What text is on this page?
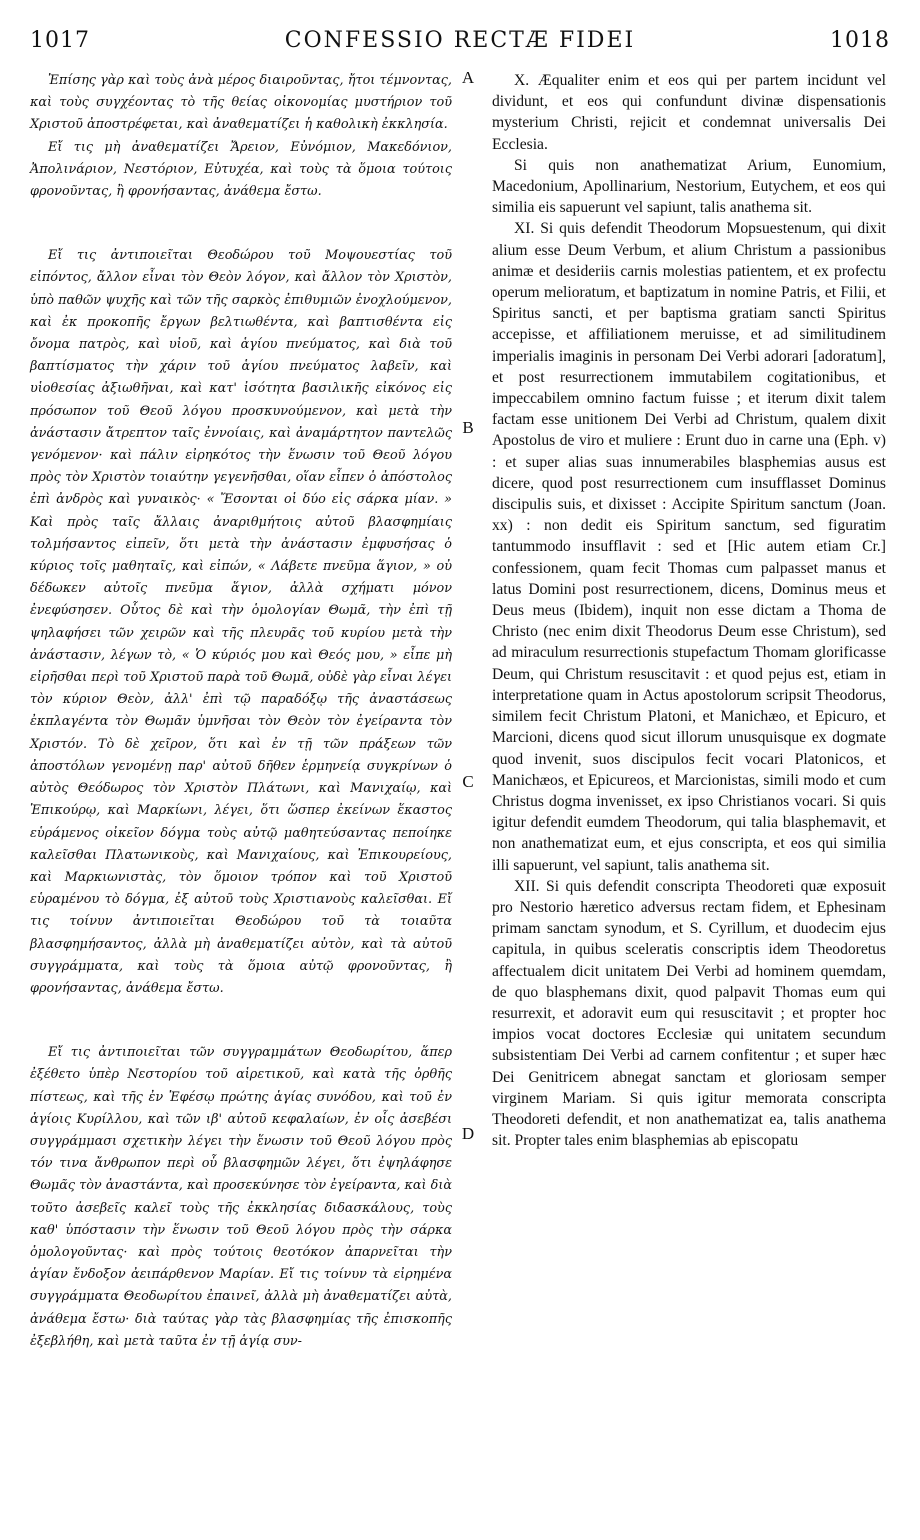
1017	CONFESSIO RECTÆ FIDEI	1018

Ἐπίσης γὰρ καὶ τοὺς ἀνὰ μέρος διαιροῦντας, ἤτοι τέμνοντας, καὶ τοὺς συγχέοντας τὸ τῆς θείας οἰκονομίας μυστήριον τοῦ Χριστοῦ ἀποστρέφεται, καὶ ἀναθεματίζει ἡ καθολικὴ ἐκκλησία.

Εἴ τις μὴ ἀναθεματίζει Ἄρειον, Εὐνόμιον, Μακεδόνιον, Ἀπολινάριον, Νεστόριον, Εὐτυχέα, καὶ τοὺς τὰ ὅμοια τούτοις φρονοῦντας, ἢ φρονήσαντας, ἀνάθεμα ἔστω.

Εἴ τις ἀντιποιεῖται Θεοδώρου τοῦ Μοψουεστίας τοῦ εἰπόντος, ἄλλον εἶναι τὸν Θεὸν λόγον, καὶ ἄλλον τὸν Χριστὸν, ὑπὸ παθῶν ψυχῆς καὶ τῶν τῆς σαρκὸς ἐπιθυμιῶν ἐνοχλούμενον, καὶ ἐκ προκοπῆς ἔργων βελτιωθέντα, καὶ βαπτισθέντα εἰς ὄνομα πατρὸς, καὶ υἱοῦ, καὶ ἁγίου πνεύματος, καὶ διὰ τοῦ βαπτίσματος τὴν χάριν τοῦ ἁγίου πνεύματος λαβεῖν, καὶ υἱοθεσίας ἀξιωθῆναι, καὶ κατ' ἰσότητα βασιλικῆς εἰκόνος εἰς πρόσωπον τοῦ Θεοῦ λόγου προσκυνούμενον, καὶ μετὰ τὴν ἀνάστασιν ἄτρεπτον ταῖς ἐννοίαις, καὶ ἀναμάρτητον παντελῶς γενόμενον· καὶ πάλιν εἰρηκότος τὴν ἕνωσιν τοῦ Θεοῦ λόγου πρὸς τὸν Χριστὸν τοιαύτην γεγενῆσθαι, οἵαν εἶπεν ὁ ἀπόστολος ἐπὶ ἀνδρὸς καὶ γυναικὸς· « Ἔσονται οἱ δύο εἰς σάρκα μίαν. » Καὶ πρὸς ταῖς ἄλλαις ἀναριθμήτοις αὐτοῦ βλασφημίαις τολμήσαντος εἰπεῖν, ὅτι μετὰ τὴν ἀνάστασιν ἐμφυσήσας ὁ κύριος τοῖς μαθηταῖς, καὶ εἰπών, « Λάβετε πνεῦμα ἅγιον, » οὐ δέδωκεν αὐτοῖς πνεῦμα ἅγιον, ἀλλὰ σχήματι μόνον ἐνεφύσησεν. Οὗτος δὲ καὶ τὴν ὁμολογίαν Θωμᾶ, τὴν ἐπὶ τῇ ψηλαφήσει τῶν χειρῶν καὶ τῆς πλευρᾶς τοῦ κυρίου μετὰ τὴν ἀνάστασιν, λέγων τὸ, « Ὁ κύριός μου καὶ Θεός μου, » εἶπε μὴ εἰρῆσθαι περὶ τοῦ Χριστοῦ παρὰ τοῦ Θωμᾶ, οὐδὲ γὰρ εἶναι λέγει τὸν κύριον Θεὸν, ἀλλ' ἐπὶ τῷ παραδόξῳ τῆς ἀναστάσεως ἐκπλαγέντα τὸν Θωμᾶν ὑμνῆσαι τὸν Θεὸν τὸν ἐγείραντα τὸν Χριστόν. Τὸ δὲ χεῖρον, ὅτι καὶ ἐν τῇ τῶν πράξεων τῶν ἀποστόλων γενομένῃ παρ' αὐτοῦ δῆθεν ἑρμηνείᾳ συγκρίνων ὁ αὐτὸς Θεόδωρος τὸν Χριστὸν Πλάτωνι, καὶ Μανιχαίῳ, καὶ Ἐπικούρῳ, καὶ Μαρκίωνι, λέγει, ὅτι ὥσπερ ἐκείνων ἕκαστος εὑράμενος οἰκεῖον δόγμα τοὺς αὐτῷ μαθητεύσαντας πεποίηκε καλεῖσθαι Πλατωνικοὺς, καὶ Μανιχαίους, καὶ Ἐπικουρείους, καὶ Μαρκιωνιστὰς, τὸν ὅμοιον τρόπον καὶ τοῦ Χριστοῦ εὑραμένου τὸ δόγμα, ἐξ αὐτοῦ τοὺς Χριστιανοὺς καλεῖσθαι. Εἴ τις τοίνυν ἀντιποιεῖται Θεοδώρου τοῦ τὰ τοιαῦτα βλασφημήσαντος, ἀλλὰ μὴ ἀναθεματίζει αὐτὸν, καὶ τὰ αὐτοῦ συγγράμματα, καὶ τοὺς τὰ ὅμοια αὐτῷ φρονοῦντας, ἢ φρονήσαντας, ἀνάθεμα ἔστω.

Εἴ τις ἀντιποιεῖται τῶν συγγραμμάτων Θεοδωρίτου, ἅπερ ἐξέθετο ὑπὲρ Νεστορίου τοῦ αἱρετικοῦ, καὶ κατὰ τῆς ὀρθῆς πίστεως, καὶ τῆς ἐν Ἐφέσῳ πρώτης ἁγίας συνόδου, καὶ τοῦ ἐν ἁγίοις Κυρίλλου, καὶ τῶν ιβ' αὐτοῦ κεφαλαίων, ἐν οἷς ἀσεβέσι συγγράμμασι σχετικὴν λέγει τὴν ἕνωσιν τοῦ Θεοῦ λόγου πρὸς τόν τινα ἄνθρωπον περὶ οὗ βλασφημῶν λέγει, ὅτι ἐψηλάφησε Θωμᾶς τὸν ἀναστάντα, καὶ προσεκύνησε τὸν ἐγείραντα, καὶ διὰ τοῦτο ἀσεβεῖς καλεῖ τοὺς τῆς ἐκκλησίας διδασκάλους, τοὺς καθ' ὑπόστασιν τὴν ἕνωσιν τοῦ Θεοῦ λόγου πρὸς τὴν σάρκα ὁμολογοῦντας· καὶ πρὸς τούτοις θεοτόκον ἀπαρνεῖται τὴν ἁγίαν ἔνδοξον ἀειπάρθενον Μαρίαν. Εἴ τις τοίνυν τὰ εἰρημένα συγγράμματα Θεοδωρίτου ἐπαινεῖ, ἀλλὰ μὴ ἀναθεματίζει αὐτὰ, ἀνάθεμα ἔστω· διὰ ταύτας γὰρ τὰς βλασφημίας τῆς ἐπισκοπῆς ἐξεβλήθη, καὶ μετὰ ταῦτα ἐν τῇ ἁγίᾳ συν-

A
B
C
D

X. Æqualiter enim et eos qui per partem incidunt vel dividunt, et eos qui confundunt divinæ dispensationis mysterium Christi, rejicit et condemnat universalis Dei Ecclesia.

Si quis non anathematizat Arium, Eunomium, Macedonium, Apollinarium, Nestorium, Eutychem, et eos qui similia eis sapuerunt vel sapiunt, talis anathema sit.

XI. Si quis defendit Theodorum Mopsuestenum, qui dixit alium esse Deum Verbum, et alium Christum a passionibus animæ et desideriis carnis molestias patientem, et ex profectu operum melioratum, et baptizatum in nomine Patris, et Filii, et Spiritus sancti, et per baptisma gratiam sancti Spiritus accepisse, et affiliationem meruisse, et ad similitudinem imperialis imaginis in personam Dei Verbi adorari [adoratum], et post resurrectionem immutabilem cogitationibus, et impeccabilem omnino factum fuisse ; et iterum dixit talem factam esse unitionem Dei Verbi ad Christum, qualem dixit Apostolus de viro et muliere : Erunt duo in carne una (Eph. v) : et super alias suas innumerabiles blasphemias ausus est dicere, quod post resurrectionem cum insufflasset Dominus discipulis suis, et dixisset : Accipite Spiritum sanctum (Joan. xx) : non dedit eis Spiritum sanctum, sed figuratim tantummodo insufflavit : sed et [Hic autem etiam Cr.] confessionem, quam fecit Thomas cum palpasset manus et latus Domini post resurrectionem, dicens, Dominus meus et Deus meus (Ibidem), inquit non esse dictam a Thoma de Christo (nec enim dixit Theodorus Deum esse Christum), sed ad miraculum resurrectionis stupefactum Thomam glorificasse Deum, qui Christum resuscitavit : et quod pejus est, etiam in interpretatione quam in Actus apostolorum scripsit Theodorus, similem fecit Christum Platoni, et Manichæo, et Epicuro, et Marcioni, dicens quod sicut illorum unusquisque ex dogmate quod invenit, suos discipulos fecit vocari Platonicos, et Manichæos, et Epicureos, et Marcionistas, simili modo et cum Christus dogma invenisset, ex ipso Christianos vocari. Si quis igitur defendit eumdem Theodorum, qui talia blasphemavit, et non anathematizat eum, et ejus conscripta, et eos qui similia illi sapuerunt, vel sapiunt, talis anathema sit.

XII. Si quis defendit conscripta Theodoreti quæ exposuit pro Nestorio hæretico adversus rectam fidem, et Ephesinam primam sanctam synodum, et S. Cyrillum, et duodecim ejus capitula, in quibus sceleratis conscriptis idem Theodoretus affectualem dicit unitatem Dei Verbi ad hominem quemdam, de quo blasphemans dixit, quod palpavit Thomas eum qui resurrexit, et adoravit eum qui resuscitavit ; et propter hoc impios vocat doctores Ecclesiæ qui unitatem secundum subsistentiam Dei Verbi ad carnem confitentur ; et super hæc Dei Genitricem abnegat sanctam et gloriosam semper virginem Mariam. Si quis igitur memorata conscripta Theodoreti defendit, et non anathematizat ea, talis anathema sit. Propter tales enim blasphemias ab episcopatu
